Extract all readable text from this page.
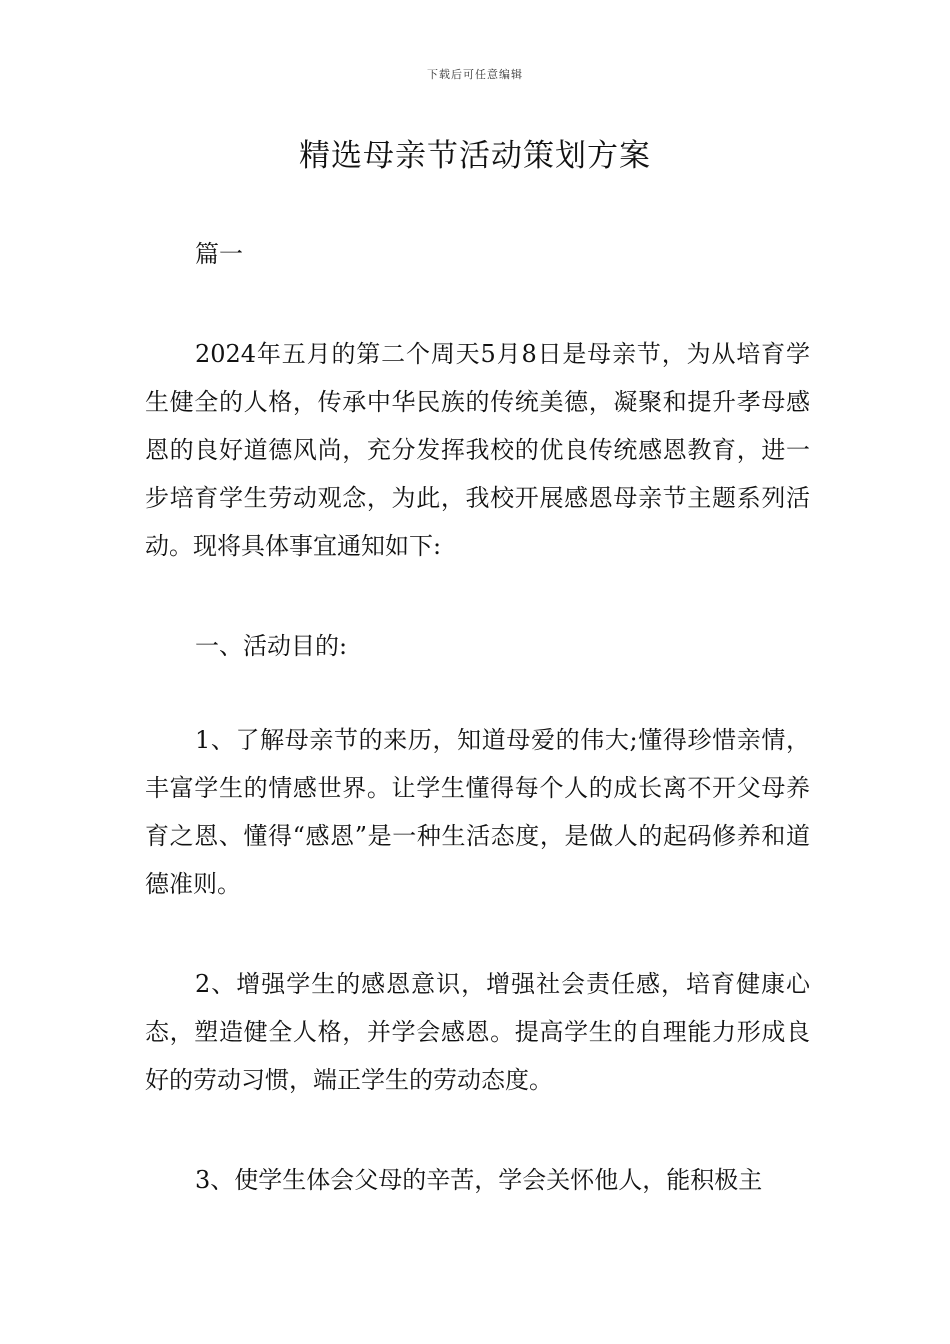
下载后可任意编辑
精选母亲节活动策划方案

篇一

2024年五月的第二个周天5月8日是母亲节，为从培育学生健全的人格，传承中华民族的传统美德，凝聚和提升孝母感恩的良好道德风尚，充分发挥我校的优良传统感恩教育，进一步培育学生劳动观念，为此，我校开展感恩母亲节主题系列活动。现将具体事宜通知如下:

一、活动目的:

1、了解母亲节的来历，知道母爱的伟大;懂得珍惜亲情，丰富学生的情感世界。让学生懂得每个人的成长离不开父母养育之恩、懂得“感恩”是一种生活态度，是做人的起码修养和道德准则。

2、增强学生的感恩意识，增强社会责任感，培育健康心态，塑造健全人格，并学会感恩。提高学生的自理能力形成良好的劳动习惯，端正学生的劳动态度。

3、使学生体会父母的辛苦，学会关怀他人，能积极主
